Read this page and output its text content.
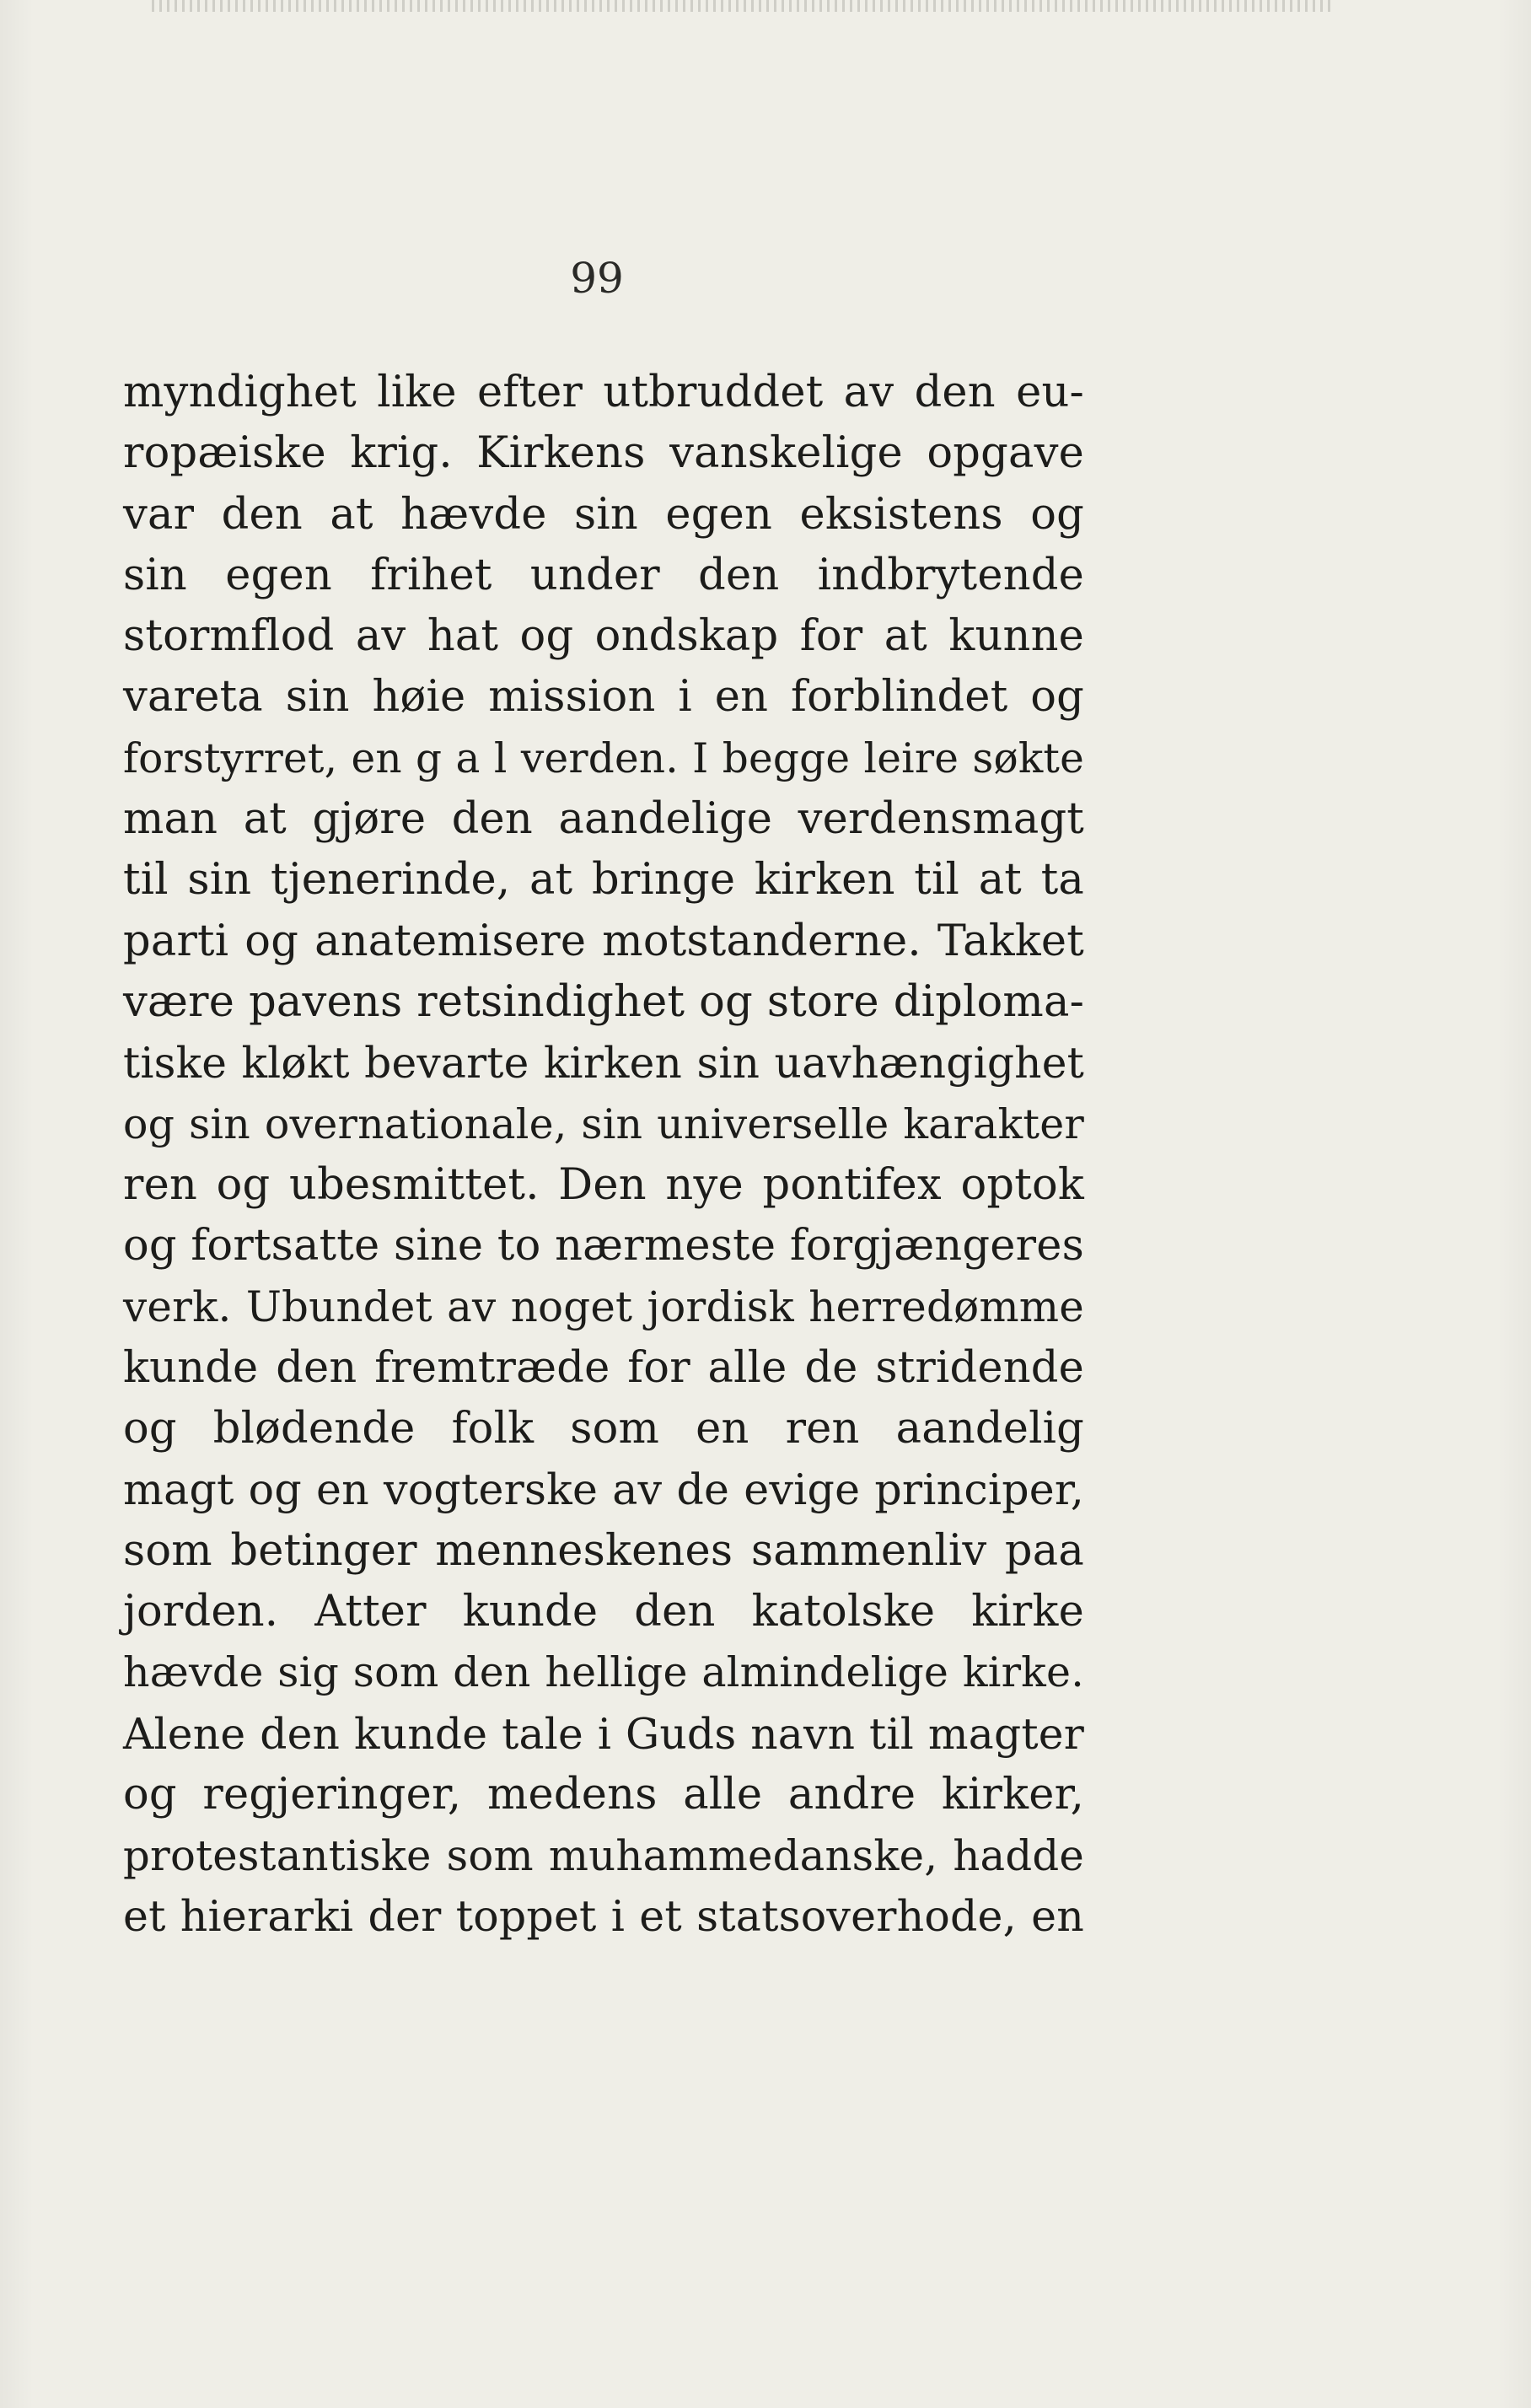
99
myndighet like efter utbruddet av den eu-
ropæiske krig. Kirkens vanskelige opgave
var den at hævde sin egen eksistens og
sin egen frihet under den indbrytende
stormflod av hat og ondskap for at kunne
vareta sin høie mission i en forblindet og
forstyrret, en g a l verden. I begge leire søkte
man at gjøre den aandelige verdensmagt
til sin tjenerinde, at bringe kirken til at ta
parti og anatemisere motstanderne. Takket
være pavens retsindighet og store diploma-
tiske kløkt bevarte kirken sin uavhængighet
og sin overnationale, sin universelle karakter
ren og ubesmittet. Den nye pontifex optok
og fortsatte sine to nærmeste forgjængeres
verk. Ubundet av noget jordisk herredømme
kunde den fremtræde for alle de stridende
og blødende folk som en ren aandelig
magt og en vogterske av de evige principer,
som betinger menneskenes sammenliv paa
jorden. Atter kunde den katolske kirke
hævde sig som den hellige almindelige kirke.
Alene den kunde tale i Guds navn til magter
og regjeringer, medens alle andre kirker,
protestantiske som muhammedanske, hadde
et hierarki der toppet i et statsoverhode, en
